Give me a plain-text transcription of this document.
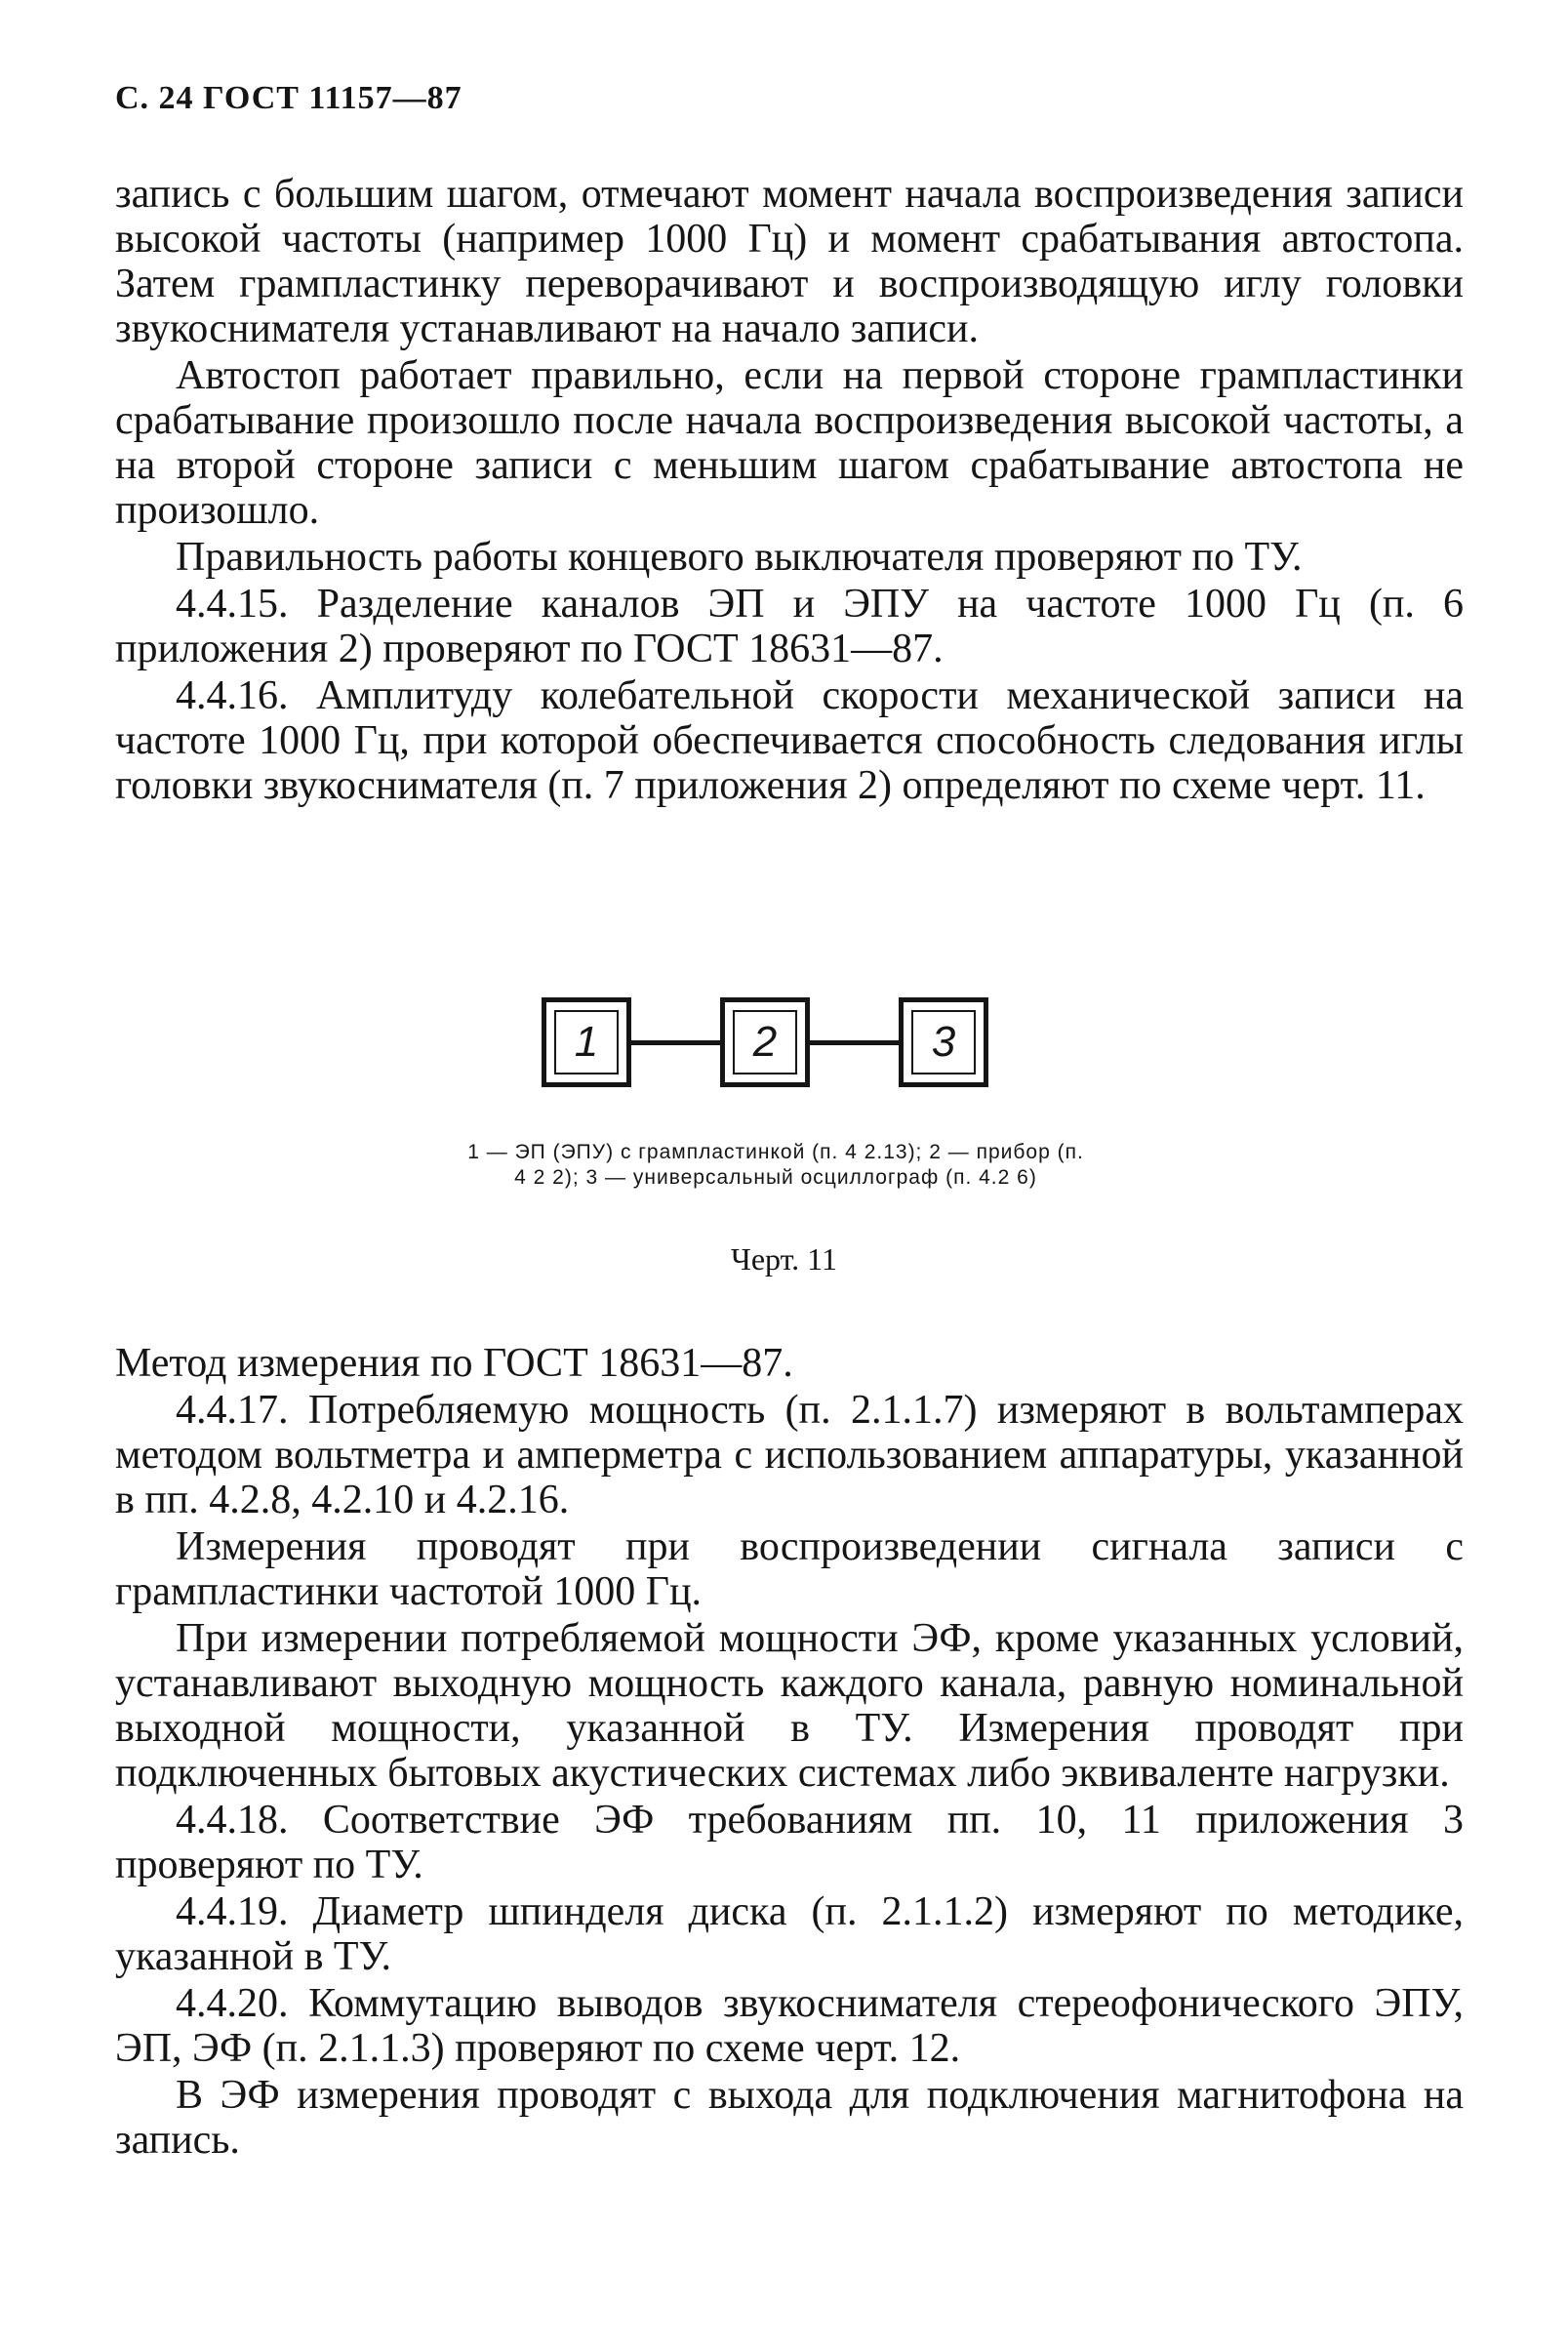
С. 24 ГОСТ 11157—87

запись с большим шагом, отмечают момент начала воспроизведения записи высокой частоты (например 1000 Гц) и момент срабатывания автостопа. Затем грампластинку переворачивают и воспроизводящую иглу головки звукоснимателя устанавливают на начало записи.

Автостоп работает правильно, если на первой стороне грампластинки срабатывание произошло после начала воспроизведения высокой частоты, а на второй стороне записи с меньшим шагом срабатывание автостопа не произошло.

Правильность работы концевого выключателя проверяют по ТУ.

4.4.15. Разделение каналов ЭП и ЭПУ на частоте 1000 Гц (п. 6 приложения 2) проверяют по ГОСТ 18631—87.

4.4.16. Амплитуду колебательной скорости механической записи на частоте 1000 Гц, при которой обеспечивается способность следования иглы головки звукоснимателя (п. 7 приложения 2) определяют по схеме черт. 11.

1	2	3
1 — ЭП (ЭПУ) с грампластинкой (п. 4 2.13); 2 — прибор (п. 4 2 2); 3 — универсальный осциллограф (п. 4.2 6)
Черт. 11

Метод измерения по ГОСТ 18631—87.

4.4.17. Потребляемую мощность (п. 2.1.1.7) измеряют в вольтамперах методом вольтметра и амперметра с использованием аппаратуры, указанной в пп. 4.2.8, 4.2.10 и 4.2.16.

Измерения проводят при воспроизведении сигнала записи с грампластинки частотой 1000 Гц.

При измерении потребляемой мощности ЭФ, кроме указанных условий, устанавливают выходную мощность каждого канала, равную номинальной выходной мощности, указанной в ТУ. Измерения проводят при подключенных бытовых акустических системах либо эквиваленте нагрузки.

4.4.18. Соответствие ЭФ требованиям пп. 10, 11 приложения 3 проверяют по ТУ.

4.4.19. Диаметр шпинделя диска (п. 2.1.1.2) измеряют по методике, указанной в ТУ.

4.4.20. Коммутацию выводов звукоснимателя стереофонического ЭПУ, ЭП, ЭФ (п. 2.1.1.3) проверяют по схеме черт. 12.

В ЭФ измерения проводят с выхода для подключения магнитофона на запись.
